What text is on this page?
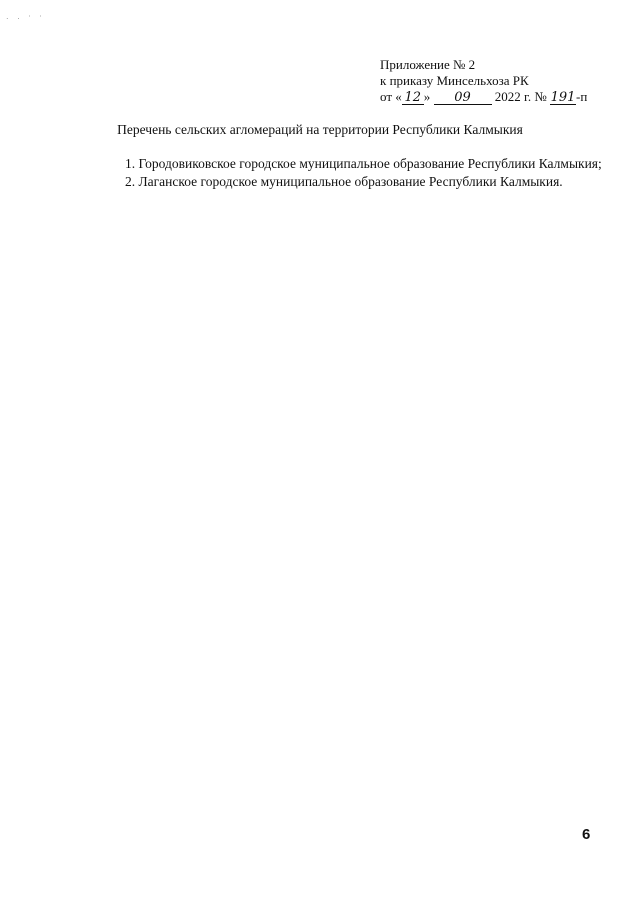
. . · ·
Приложение № 2
к приказу Минсельхоза РК
от « 12 » 09 2022 г. № 191-п
Перечень сельских агломераций на территории Республики Калмыкия

1. Городовиковское городское муниципальное образование Республики Калмыкия;

2. Лаганское городское муниципальное образование Республики Калмыкия.

6
